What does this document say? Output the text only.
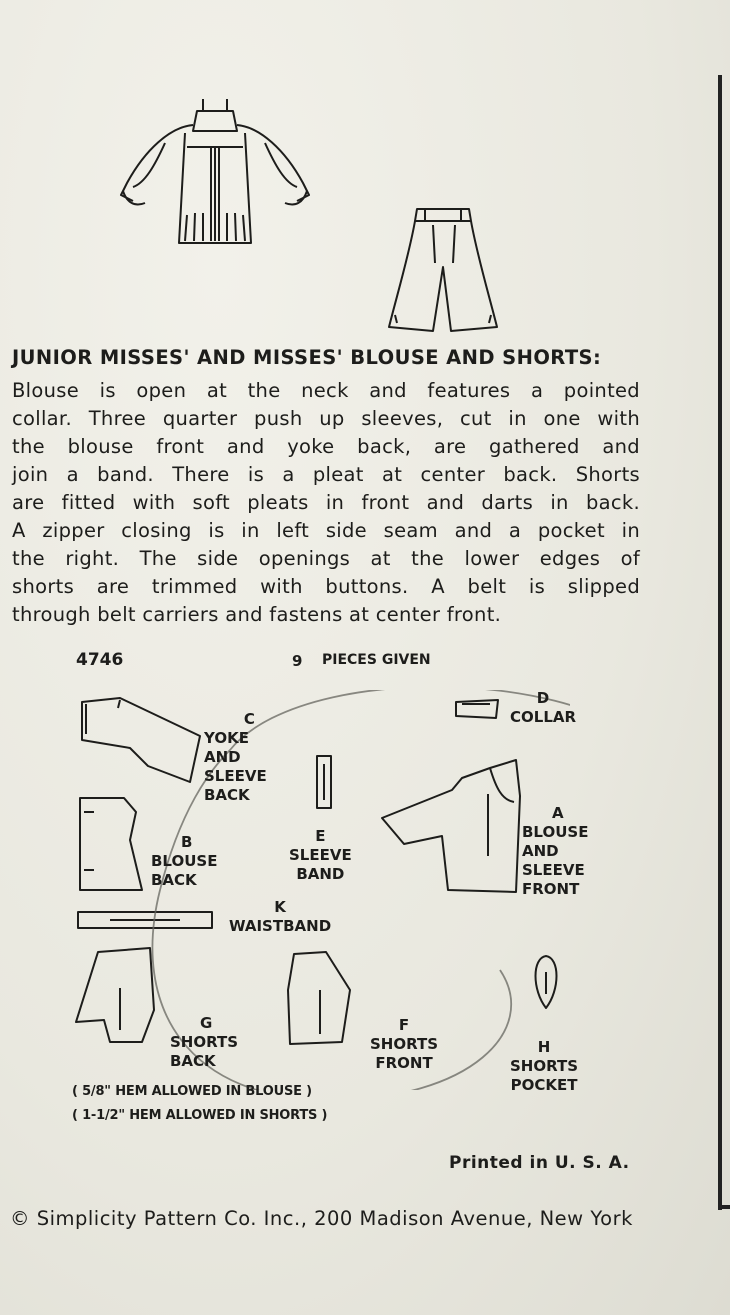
JUNIOR MISSES' AND MISSES' BLOUSE AND SHORTS:
Blouse is open at the neck and features a pointed
collar. Three quarter push up sleeves, cut in one with
the blouse front and yoke back, are gathered and
join a band. There is a pleat at center back. Shorts
are fitted with soft pleats in front and darts in back.
A zipper closing is in left side seam and a pocket in
the right. The side openings at the lower edges of
shorts are trimmed with buttons. A belt is slipped
through belt carriers and fastens at center front.
4746	9 PIECES GIVEN
C
YOKE
AND
SLEEVE
BACK
D
COLLAR
A
BLOUSE
AND
SLEEVE
FRONT
B
BLOUSE
BACK
E
SLEEVE
BAND
K
WAISTBAND
G
SHORTS
BACK
F
SHORTS
FRONT
H
SHORTS
POCKET
( 5/8" HEM ALLOWED IN BLOUSE )
( 1-1/2" HEM ALLOWED IN SHORTS )
Printed in U. S. A.
© Simplicity Pattern Co. Inc., 200 Madison Avenue, New York
